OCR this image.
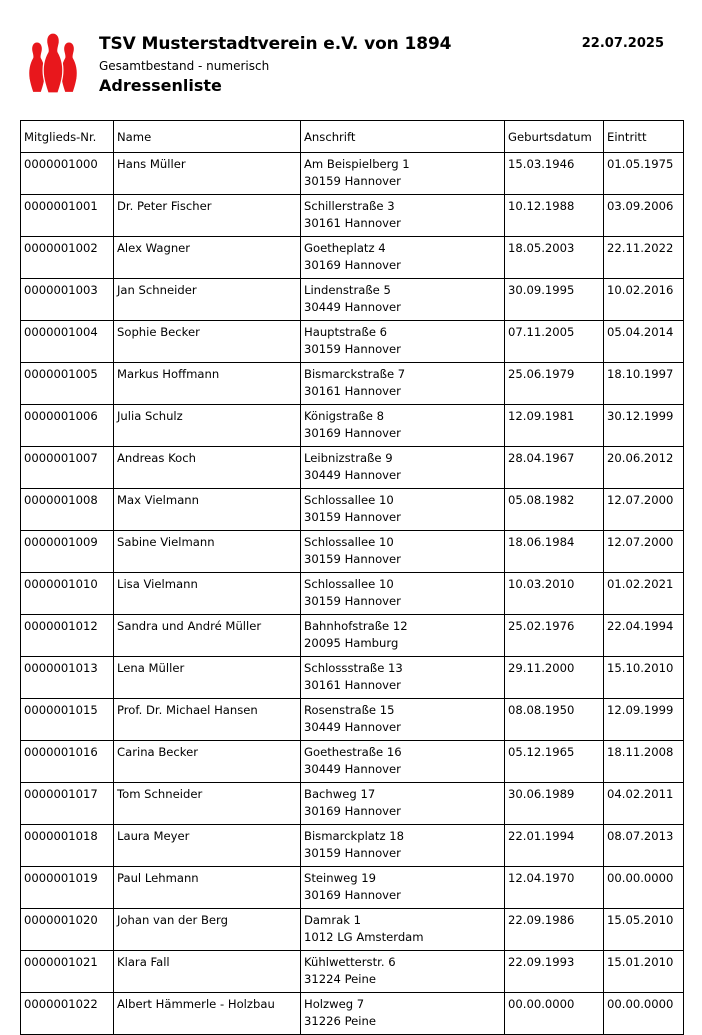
TSV Musterstadtverein e.V. von 1894	22.07.2025
Gesamtbestand - numerisch
Adressenliste
Mitglieds-Nr.	Name	Anschrift	Geburtsdatum	Eintritt

0000001000	Hans Müller	Am Beispielberg 1
30159 Hannover	15.03.1946	01.05.1975

0000001001	Dr. Peter Fischer	Schillerstraße 3
30161 Hannover	10.12.1988	03.09.2006

0000001002	Alex Wagner	Goetheplatz 4
30169 Hannover	18.05.2003	22.11.2022

0000001003	Jan Schneider	Lindenstraße 5
30449 Hannover	30.09.1995	10.02.2016

0000001004	Sophie Becker	Hauptstraße 6
30159 Hannover	07.11.2005	05.04.2014

0000001005	Markus Hoffmann	Bismarckstraße 7
30161 Hannover	25.06.1979	18.10.1997

0000001006	Julia Schulz	Königstraße 8
30169 Hannover	12.09.1981	30.12.1999

0000001007	Andreas Koch	Leibnizstraße 9
30449 Hannover	28.04.1967	20.06.2012

0000001008	Max Vielmann	Schlossallee 10
30159 Hannover	05.08.1982	12.07.2000

0000001009	Sabine Vielmann	Schlossallee 10
30159 Hannover	18.06.1984	12.07.2000

0000001010	Lisa Vielmann	Schlossallee 10
30159 Hannover	10.03.2010	01.02.2021

0000001012	Sandra und André Müller	Bahnhofstraße 12
20095 Hamburg	25.02.1976	22.04.1994

0000001013	Lena Müller	Schlossstraße 13
30161 Hannover	29.11.2000	15.10.2010

0000001015	Prof. Dr. Michael Hansen	Rosenstraße 15
30449 Hannover	08.08.1950	12.09.1999

0000001016	Carina Becker	Goethestraße 16
30449 Hannover	05.12.1965	18.11.2008

0000001017	Tom Schneider	Bachweg 17
30169 Hannover	30.06.1989	04.02.2011

0000001018	Laura Meyer	Bismarckplatz 18
30159 Hannover	22.01.1994	08.07.2013

0000001019	Paul Lehmann	Steinweg 19
30169 Hannover	12.04.1970	00.00.0000

0000001020	Johan van der Berg	Damrak 1
1012 LG Amsterdam	22.09.1986	15.05.2010

0000001021	Klara Fall	Kühlwetterstr. 6
31224 Peine	22.09.1993	15.01.2010

0000001022	Albert Hämmerle - Holzbau	Holzweg 7
31226 Peine	00.00.0000	00.00.0000
